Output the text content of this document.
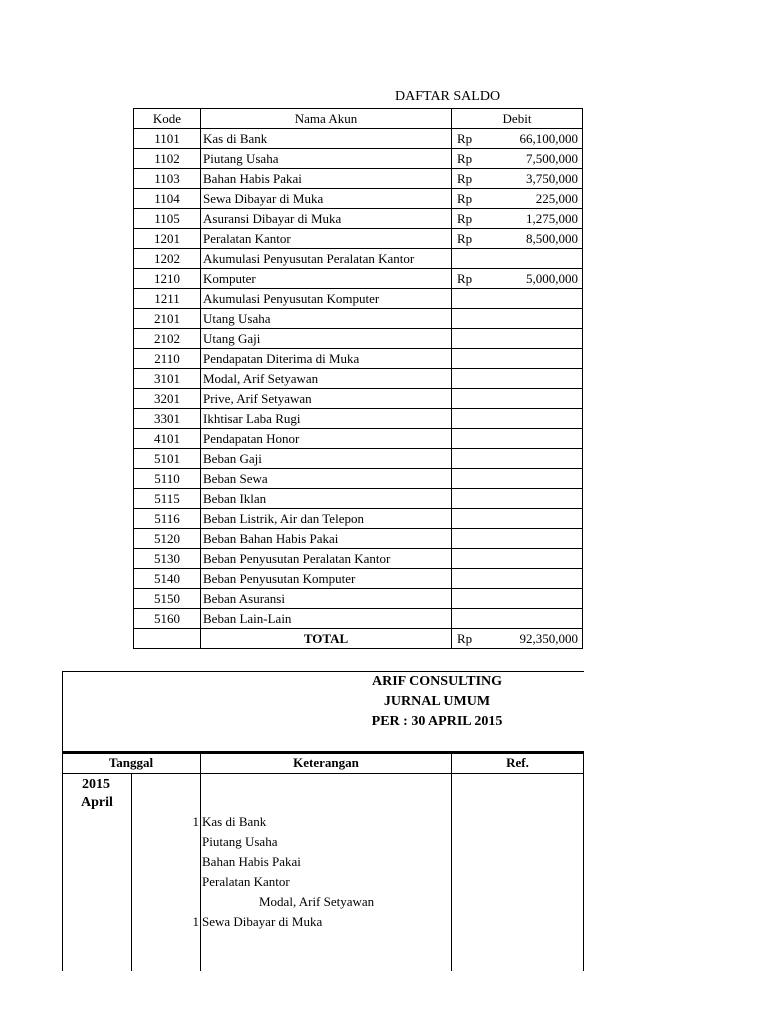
DAFTAR SALDO
Kode	Nama Akun	Debit
1101	Kas di Bank	Rp 66,100,000

1102	Piutang Usaha	Rp 7,500,000

1103	Bahan Habis Pakai	Rp 3,750,000

1104	Sewa Dibayar di Muka	Rp 225,000

1105	Asuransi Dibayar di Muka	Rp 1,275,000

1201	Peralatan Kantor	Rp 8,500,000

1202	Akumulasi Penyusutan Peralatan Kantor	

1210	Komputer	Rp 5,000,000

1211	Akumulasi Penyusutan Komputer	

2101	Utang Usaha	

2102	Utang Gaji	

2110	Pendapatan Diterima di Muka	

3101	Modal, Arif Setyawan	

3201	Prive, Arif Setyawan	

3301	Ikhtisar Laba Rugi	

4101	Pendapatan Honor	

5101	Beban Gaji	

5110	Beban Sewa	

5115	Beban Iklan	

5116	Beban Listrik, Air dan Telepon	

5120	Beban Bahan Habis Pakai	

5130	Beban Penyusutan Peralatan Kantor	

5140	Beban Penyusutan Komputer	

5150	Beban Asuransi	

5160	Beban Lain-Lain	

	TOTAL	Rp 92,350,000
ARIF CONSULTING
JURNAL UMUM
PER : 30 APRIL 2015
Tanggal	Keterangan	Ref.
2015
April
1 Kas di Bank
Piutang Usaha
Bahan Habis Pakai
Peralatan Kantor
Modal, Arif Setyawan
1 Sewa Dibayar di Muka
